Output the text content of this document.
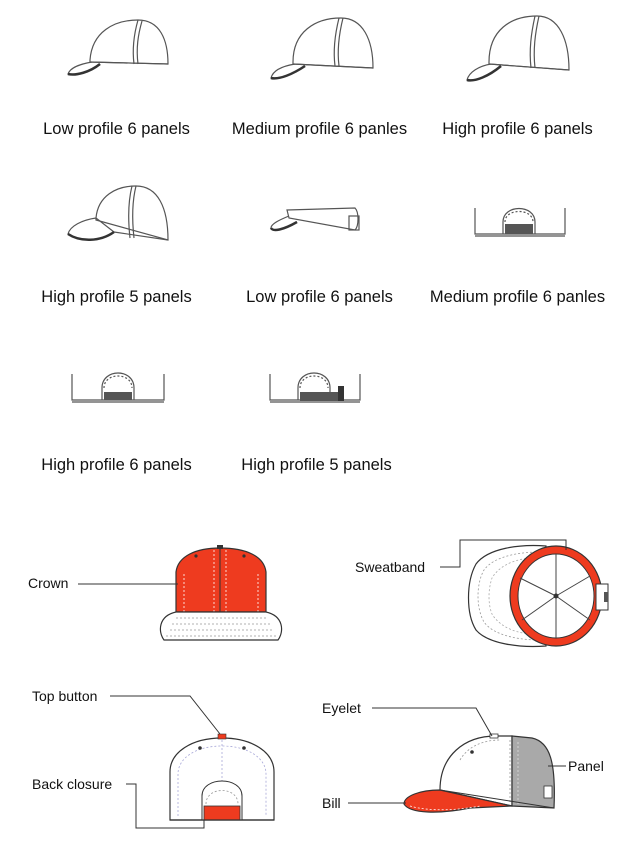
Low profile 6 panels	Medium profile 6 panles	High profile 6 panels
High profile 5 panels	Low profile 6 panels	Medium profile 6 panles
High profile 6 panels	High profile 5 panels
Crown
Sweatband
Top button
Back closure
Eyelet
Panel
Bill
